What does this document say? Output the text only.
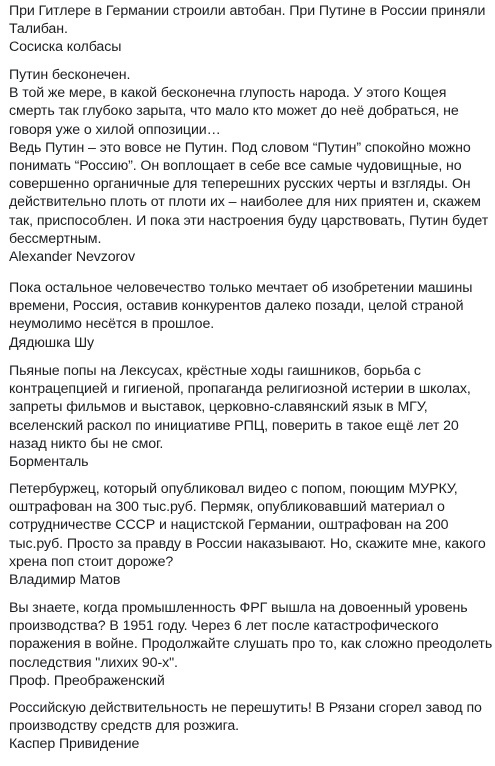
При Гитлере в Германии строили автобан. При Путине в России приняли Талибан.

Сосиска колбасы

Путин бесконечен.

В той же мере, в какой бесконечна глупость народа. У этого Кощея смерть так глубоко зарыта, что мало кто может до неё добраться, не говоря уже о хилой оппозиции…

Ведь Путин – это вовсе не Путин. Под словом “Путин” спокойно можно понимать “Россию”. Он воплощает в себе все самые чудовищные, но совершенно органичные для теперешних русских черты и взгляды. Он действительно плоть от плоти их – наиболее для них приятен и, скажем так, приспособлен. И пока эти настроения буду царствовать, Путин будет бессмертным.

Alexander Nevzorov

Пока остальное человечество только мечтает об изобретении машины времени, Россия, оставив конкурентов далеко позади, целой страной неумолимо несётся в прошлое.

Дядюшка Шу

Пьяные попы на Лексусах, крёстные ходы гаишников, борьба с контрацепцией и гигиеной, пропаганда религиозной истерии в школах, запреты фильмов и выставок, церковно-славянский язык в МГУ, вселенский раскол по инициативе РПЦ, поверить в такое ещё лет 20 назад никто бы не смог.

Борменталь

Петербуржец, который опубликовал видео с попом, поющим МУРКУ, оштрафован на 300 тыс.руб. Пермяк, опубликовавший материал о сотрудничестве СССР и нацистской Германии, оштрафован на 200 тыс.руб. Просто за правду в России наказывают. Но, скажите мне, какого хрена поп стоит дороже?

Владимир Матов

Вы знаете, когда промышленность ФРГ вышла на довоенный уровень производства? В 1951 году. Через 6 лет после катастрофического поражения в войне. Продолжайте слушать про то, как сложно преодолеть последствия "лихих 90-х".

Проф. Преображенский

Российскую действительность не перешутить! В Рязани сгорел завод по производству средств для розжига.

Каспер Привидение
